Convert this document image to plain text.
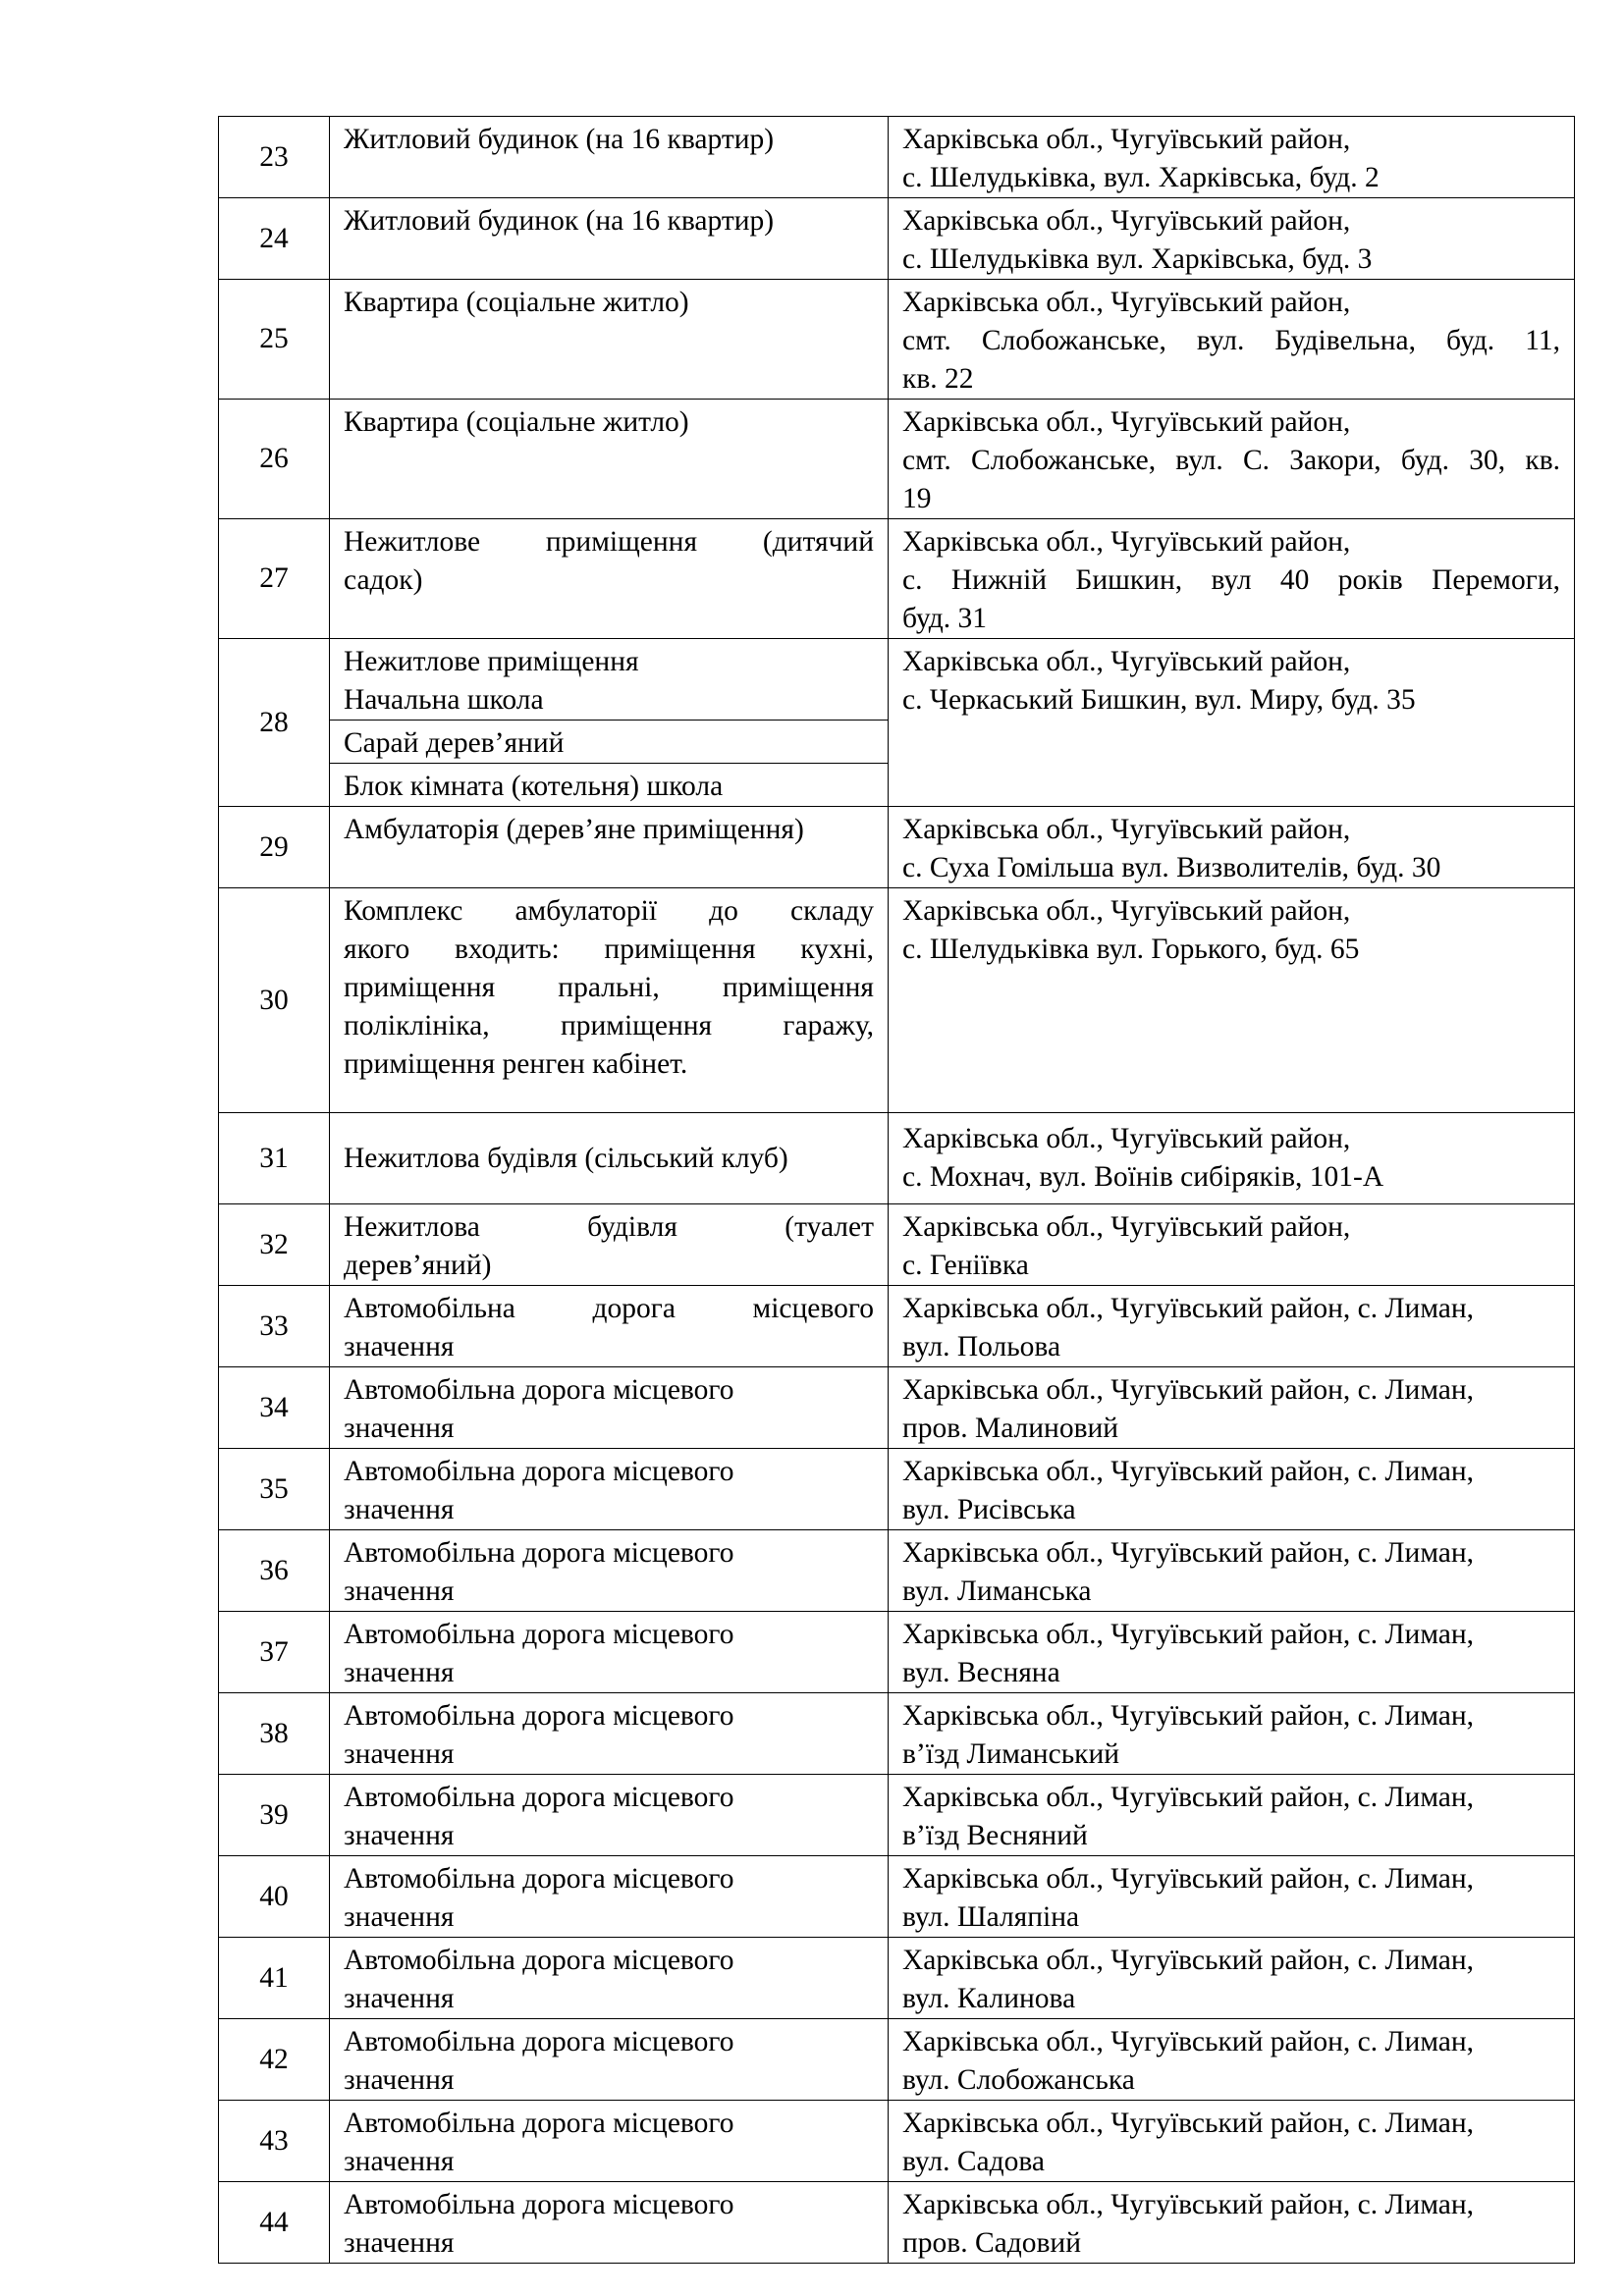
23	Житловий будинок (на 16 квартир)	Харківська обл., Чугуївський район,
с. Шелудьківка, вул. Харківська, буд. 2

24	Житловий будинок (на 16 квартир)	Харківська обл., Чугуївський район,
с. Шелудьківка вул. Харківська, буд. 3

25	Квартира (соціальне житло)	Харківська обл., Чугуївський район,
смт. Слобожанське, вул. Будівельна, буд. 11,
кв. 22

26	Квартира (соціальне житло)	Харківська обл., Чугуївський район,
смт. Слобожанське, вул. С. Закори, буд. 30, кв.
19

27	Нежитлове приміщення (дитячий
садок)	Харківська обл., Чугуївський район,
с. Нижній Бишкин, вул 40 років Перемоги,
буд. 31

28	Нежитлове приміщення
Начальна школа	Харківська обл., Чугуївський район,
с. Черкаський Бишкин, вул. Миру, буд. 35

	Сарай дерев’яний	

	Блок кімната (котельня) школа	

29	Амбулаторія (дерев’яне приміщення)	Харківська обл., Чугуївський район,
с. Суха Гомільша вул. Визволителів, буд. 30

30	Комплекс амбулаторії до складу
якого входить: приміщення кухні,
приміщення пральні, приміщення
поліклініка, приміщення гаражу,
приміщення ренген кабінет.	Харківська обл., Чугуївський район,
с. Шелудьківка вул. Горького, буд. 65

31	Нежитлова будівля (сільський клуб)	Харківська обл., Чугуївський район,
с. Мохнач, вул. Воїнів сибіряків, 101-А

32	Нежитлова будівля (туалет
дерев’яний)	Харківська обл., Чугуївський район,
с. Геніївка

33	Автомобільна дорога місцевого
значення	Харківська обл., Чугуївський район, с. Лиман,
вул. Польова

34	Автомобільна дорога місцевого
значення	Харківська обл., Чугуївський район, с. Лиман,
пров. Малиновий

35	Автомобільна дорога місцевого
значення	Харківська обл., Чугуївський район, с. Лиман,
вул. Рисівська

36	Автомобільна дорога місцевого
значення	Харківська обл., Чугуївський район, с. Лиман,
вул. Лиманська

37	Автомобільна дорога місцевого
значення	Харківська обл., Чугуївський район, с. Лиман,
вул. Весняна

38	Автомобільна дорога місцевого
значення	Харківська обл., Чугуївський район, с. Лиман,
в’їзд Лиманський

39	Автомобільна дорога місцевого
значення	Харківська обл., Чугуївський район, с. Лиман,
в’їзд Весняний

40	Автомобільна дорога місцевого
значення	Харківська обл., Чугуївський район, с. Лиман,
вул. Шаляпіна

41	Автомобільна дорога місцевого
значення	Харківська обл., Чугуївський район, с. Лиман,
вул. Калинова

42	Автомобільна дорога місцевого
значення	Харківська обл., Чугуївський район, с. Лиман,
вул. Слобожанська

43	Автомобільна дорога місцевого
значення	Харківська обл., Чугуївський район, с. Лиман,
вул. Садова

44	Автомобільна дорога місцевого
значення	Харківська обл., Чугуївський район, с. Лиман,
пров. Садовий
